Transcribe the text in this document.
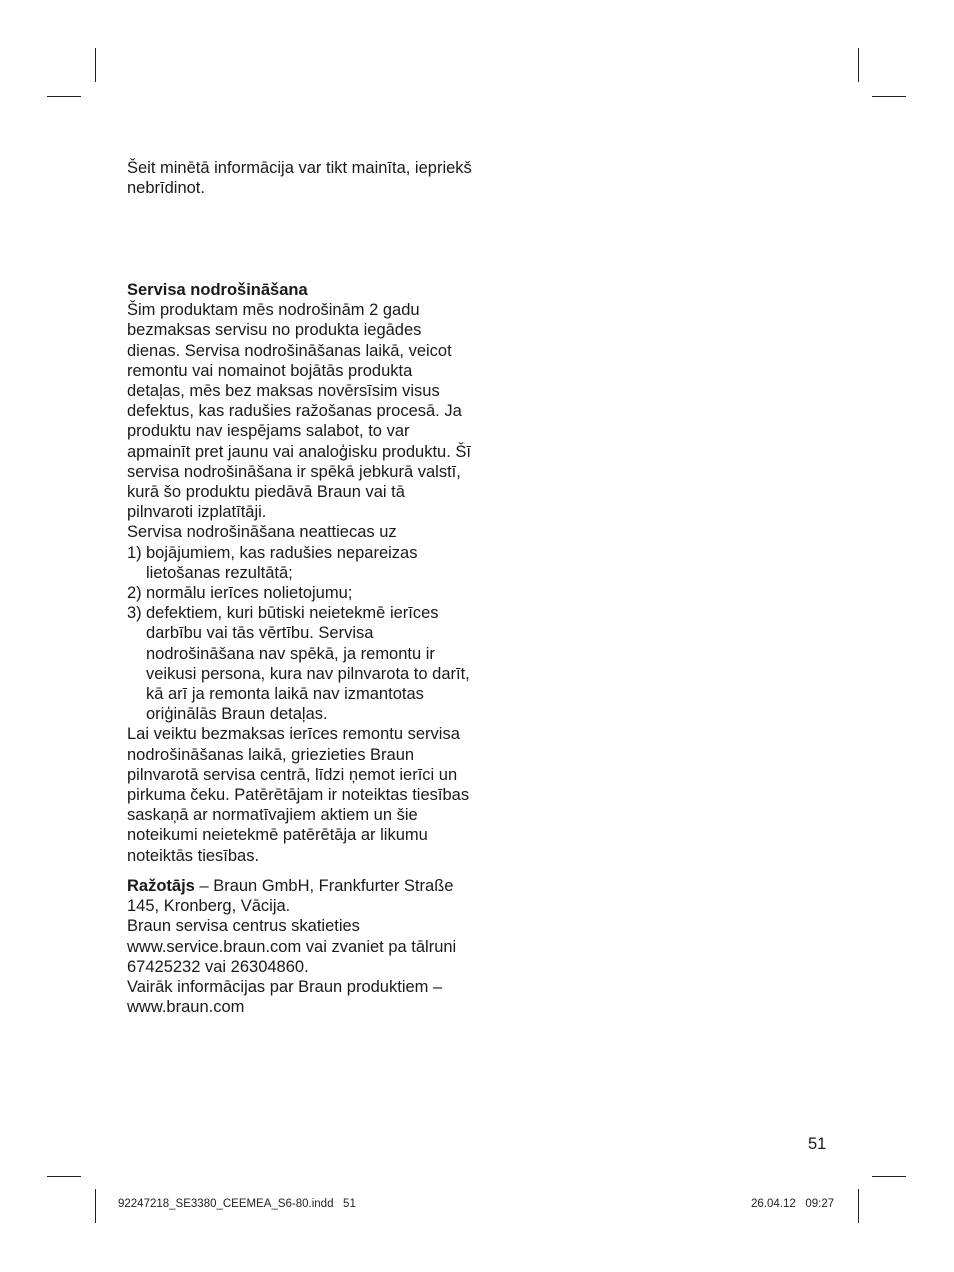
Šeit minētā informācija var tikt mainīta, iepriekš nebrīdinot.

Servisa nodrošināšana

Šim produktam mēs nodrošinām 2 gadu bezmaksas servisu no produkta iegādes dienas. Servisa nodrošināšanas laikā, veicot remontu vai nomainot bojātās produkta detaļas, mēs bez maksas novērsīsim visus defektus, kas radušies ražošanas procesā. Ja produktu nav iespējams salabot, to var apmainīt pret jaunu vai analoģisku produktu. Šī servisa nodrošināšana ir spēkā jebkurā valstī, kurā šo produktu piedāvā Braun vai tā pilnvaroti izplatītāji.

Servisa nodrošināšana neattiecas uz

1) bojājumiem, kas radušies nepareizas lietošanas rezultātā;
2) normālu ierīces nolietojumu;
3) defektiem, kuri būtiski neietekmē ierīces darbību vai tās vērtību. Servisa nodrošināšana nav spēkā, ja remontu ir veikusi persona, kura nav pilnvarota to darīt, kā arī ja remonta laikā nav izmantotas oriģinālās Braun detaļas.

Lai veiktu bezmaksas ierīces remontu servisa nodrošināšanas laikā, griezieties Braun pilnvarotā servisa centrā, līdzi ņemot ierīci un pirkuma čeku. Patērētājam ir noteiktas tiesības saskaņā ar normatīvajiem aktiem un šie noteikumi neietekmē patērētāja ar likumu noteiktās tiesības.

Ražotājs – Braun GmbH, Frankfurter Straße 145, Kronberg, Vācija.

Braun servisa centrus skatieties www.service.braun.com vai zvaniet pa tālruni 67425232 vai 26304860.

Vairāk informācijas par Braun produktiem – www.braun.com

51
92247218_SE3380_CEEMEA_S6-80.indd   51	26.04.12   09:27
